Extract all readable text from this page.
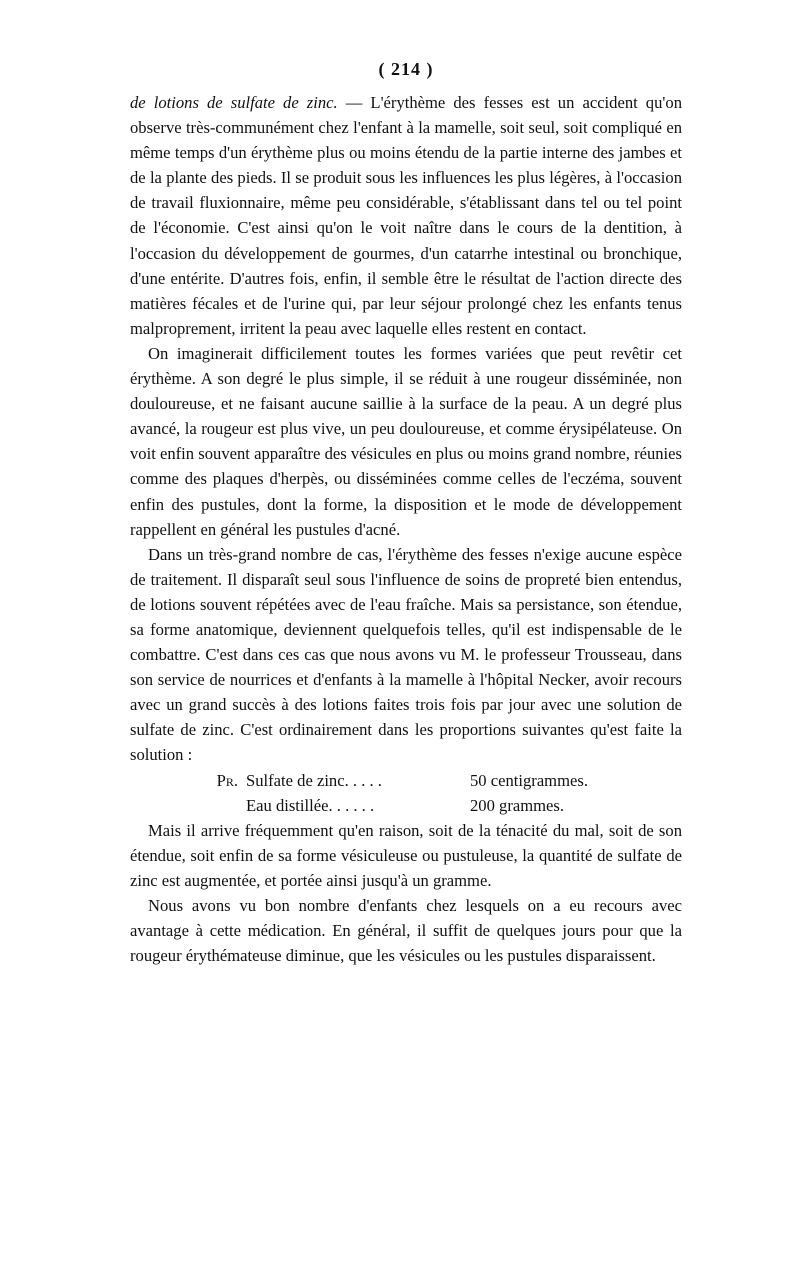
( 214 )

de lotions de sulfate de zinc. — L'érythème des fesses est un accident qu'on observe très-communément chez l'enfant à la mamelle, soit seul, soit compliqué en même temps d'un érythème plus ou moins étendu de la partie interne des jambes et de la plante des pieds. Il se produit sous les influences les plus légères, à l'occasion de travail fluxionnaire, même peu considérable, s'établissant dans tel ou tel point de l'économie. C'est ainsi qu'on le voit naître dans le cours de la dentition, à l'occasion du développement de gourmes, d'un catarrhe intestinal ou bronchique, d'une entérite. D'autres fois, enfin, il semble être le résultat de l'action directe des matières fécales et de l'urine qui, par leur séjour prolongé chez les enfants tenus malproprement, irritent la peau avec laquelle elles restent en contact.

On imaginerait difficilement toutes les formes variées que peut revêtir cet érythème. A son degré le plus simple, il se réduit à une rougeur disséminée, non douloureuse, et ne faisant aucune saillie à la surface de la peau. A un degré plus avancé, la rougeur est plus vive, un peu douloureuse, et comme érysipélateuse. On voit enfin souvent apparaître des vésicules en plus ou moins grand nombre, réunies comme des plaques d'herpès, ou disséminées comme celles de l'eczéma, souvent enfin des pustules, dont la forme, la disposition et le mode de développement rappellent en général les pustules d'acné.

Dans un très-grand nombre de cas, l'érythème des fesses n'exige aucune espèce de traitement. Il disparaît seul sous l'influence de soins de propreté bien entendus, de lotions souvent répétées avec de l'eau fraîche. Mais sa persistance, son étendue, sa forme anatomique, deviennent quelquefois telles, qu'il est indispensable de le combattre. C'est dans ces cas que nous avons vu M. le professeur Trousseau, dans son service de nourrices et d'enfants à la mamelle à l'hôpital Necker, avoir recours avec un grand succès à des lotions faites trois fois par jour avec une solution de sulfate de zinc. C'est ordinairement dans les proportions suivantes qu'est faite la solution :

Pr. Sulfate de zinc. . . . .	50 centigrammes.
Eau distillée. . . . . .	200 grammes.

Mais il arrive fréquemment qu'en raison, soit de la ténacité du mal, soit de son étendue, soit enfin de sa forme vésiculeuse ou pustuleuse, la quantité de sulfate de zinc est augmentée, et portée ainsi jusqu'à un gramme.

Nous avons vu bon nombre d'enfants chez lesquels on a eu recours avec avantage à cette médication. En général, il suffit de quelques jours pour que la rougeur érythémateuse diminue, que les vésicules ou les pustules disparaissent.
